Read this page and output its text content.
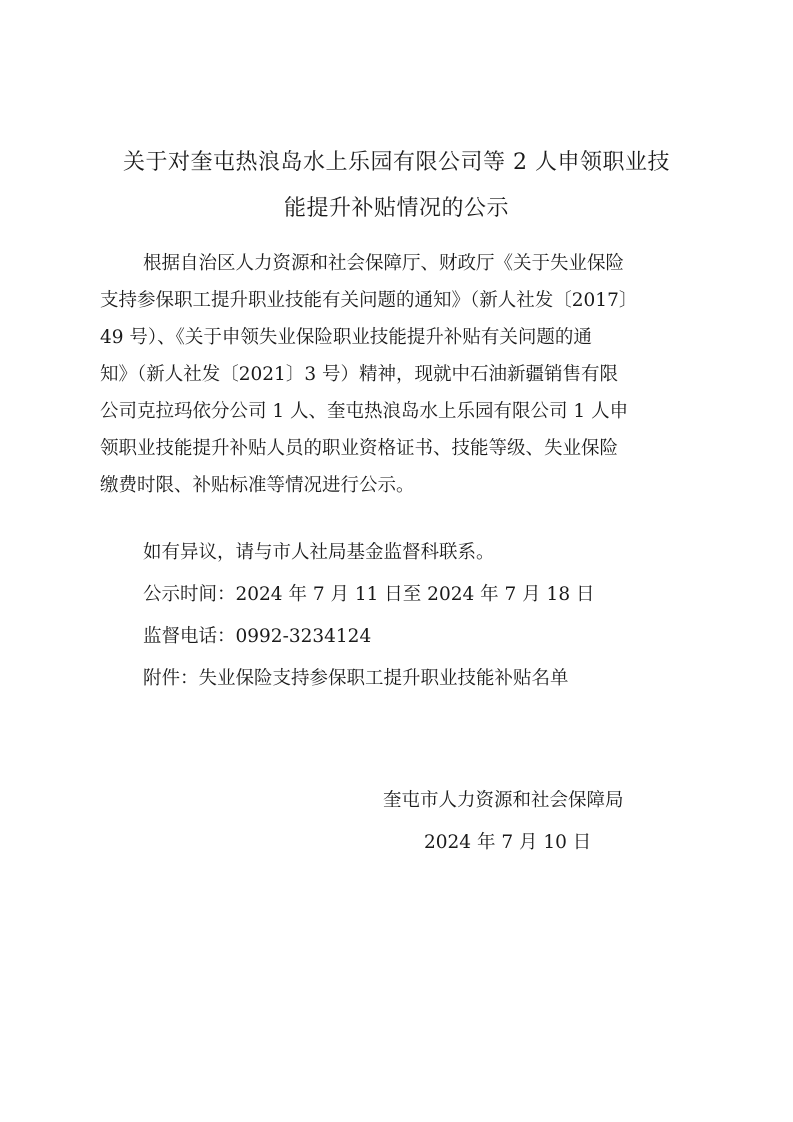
关于对奎屯热浪岛水上乐园有限公司等 2 人申领职业技
能提升补贴情况的公示
根据自治区人力资源和社会保障厅、财政厅《关于失业保险
支持参保职工提升职业技能有关问题的通知》（新人社发〔2017〕
49 号）、《关于申领失业保险职业技能提升补贴有关问题的通
知》（新人社发〔2021〕3 号）精神，现就中石油新疆销售有限
公司克拉玛依分公司 1 人、奎屯热浪岛水上乐园有限公司 1 人申
领职业技能提升补贴人员的职业资格证书、技能等级、失业保险
缴费时限、补贴标准等情况进行公示。

如有异议，请与市人社局基金监督科联系。

公示时间：2024 年 7 月 11 日至 2024 年 7 月 18 日

监督电话：0992-3234124

附件：失业保险支持参保职工提升职业技能补贴名单

奎屯市人力资源和社会保障局
2024 年 7 月 10 日
